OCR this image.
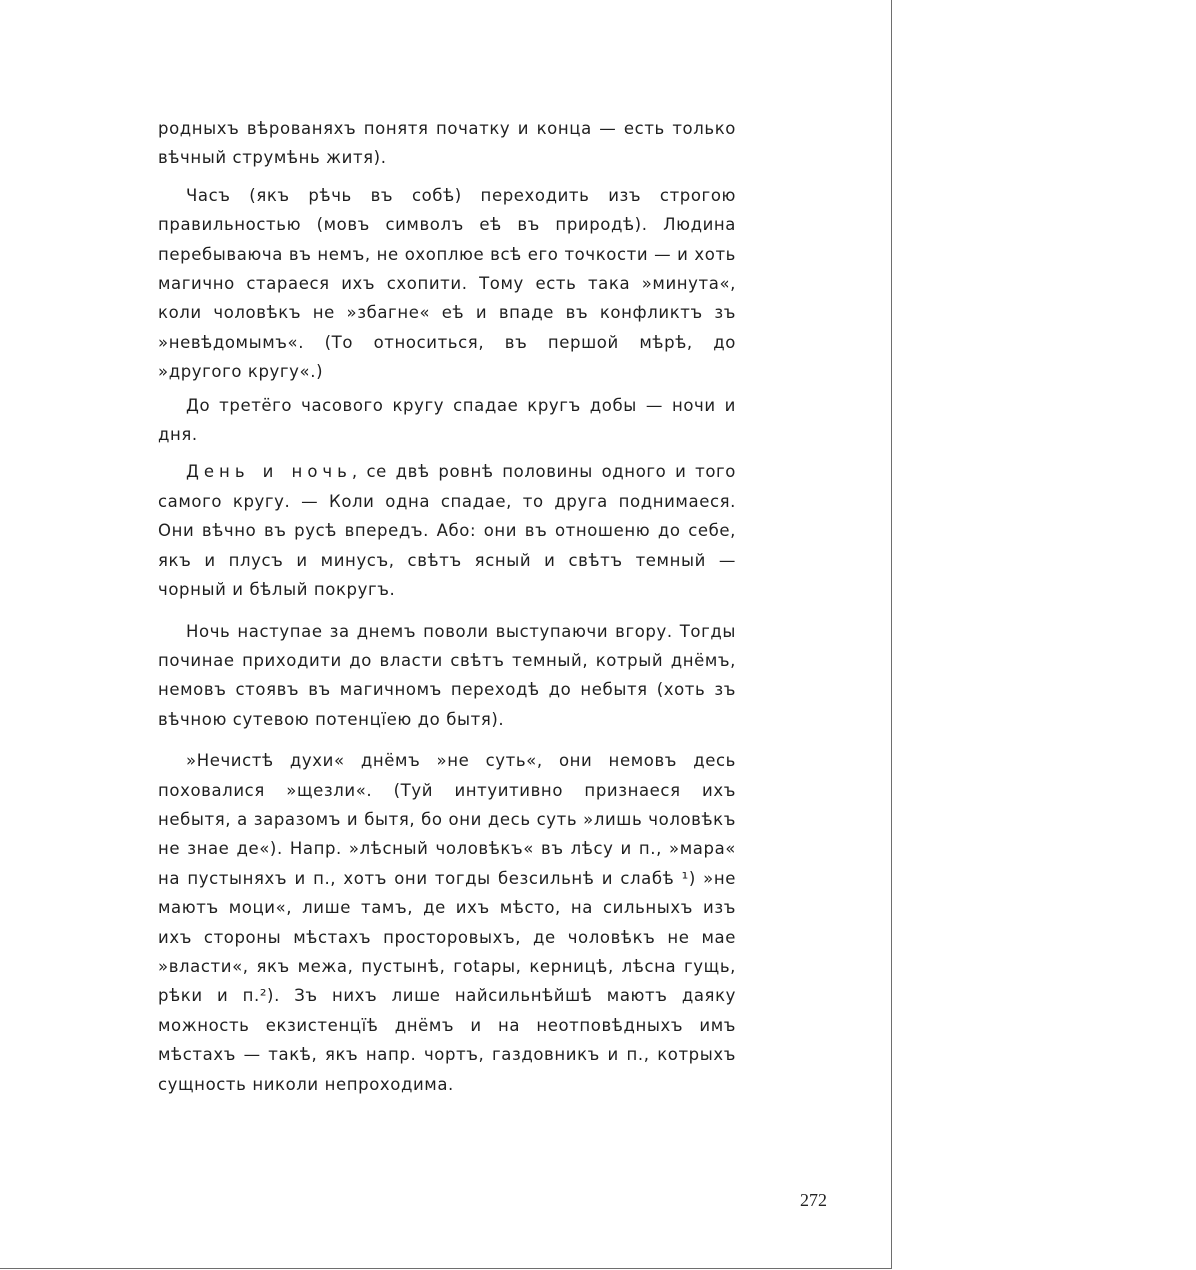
родныхъ вѣрованяхъ понятя початку и конца — есть только вѣчный струмѣнь житя).

Часъ (якъ рѣчь въ собѣ) переходить изъ строгою правильностью (мовъ символъ еѣ въ природѣ). Людина перебываюча въ немъ, не охоплюе всѣ его точкости — и хоть магично стараеся ихъ схопити. Тому есть така »минута«, коли чоловѣкъ не »збагне« еѣ и впаде въ конфликтъ зъ »невѣдомымъ«. (То относиться, въ першой мѣрѣ, до »другого кругу«.)

До третёго часового кругу спадае кругъ добы — ночи и дня.

День и ночь, се двѣ ровнѣ половины одного и того самого кругу. — Коли одна спадае, то друга поднимаеся. Они вѣчно въ русѣ впередъ. Або: они въ отношеню до себе, якъ и плусъ и минусъ, свѣтъ ясный и свѣтъ темный — чорный и бѣлый покругъ.

Ночь наступае за днемъ поволи выступаючи вгору. Тогды починае приходити до власти свѣтъ темный, котрый днёмъ, немовъ стоявъ въ магичномъ переходѣ до небытя (хоть зъ вѣчною сутевою потенцїею до бытя).

»Нечистѣ духи« днёмъ »не суть«, они немовъ десь поховалися »щезли«. (Туй интуитивно признаеся ихъ небытя, а заразомъ и бытя, бо они десь суть »лишь чоловѣкъ не знае де«). Напр. »лѣсный чоловѣкъ« въ лѣсу и п., »мара« на пустыняхъ и п., хотъ они тогды безсильнѣ и слабѣ ¹) »не маютъ моци«, лише тамъ, де ихъ мѣсто, на сильныхъ изъ ихъ стороны мѣстахъ просторовыхъ, де чоловѣкъ не мае »власти«, якъ межа, пустынѣ, гotары, керницѣ, лѣсна гущь, рѣки и п.²). Зъ нихъ лише найсильнѣйшѣ маютъ даяку можность екзистенцїѣ днёмъ и на неотповѣдныхъ имъ мѣстахъ — такѣ, якъ напр. чортъ, газдовникъ и п., котрыхъ сущность николи непроходима.

272
